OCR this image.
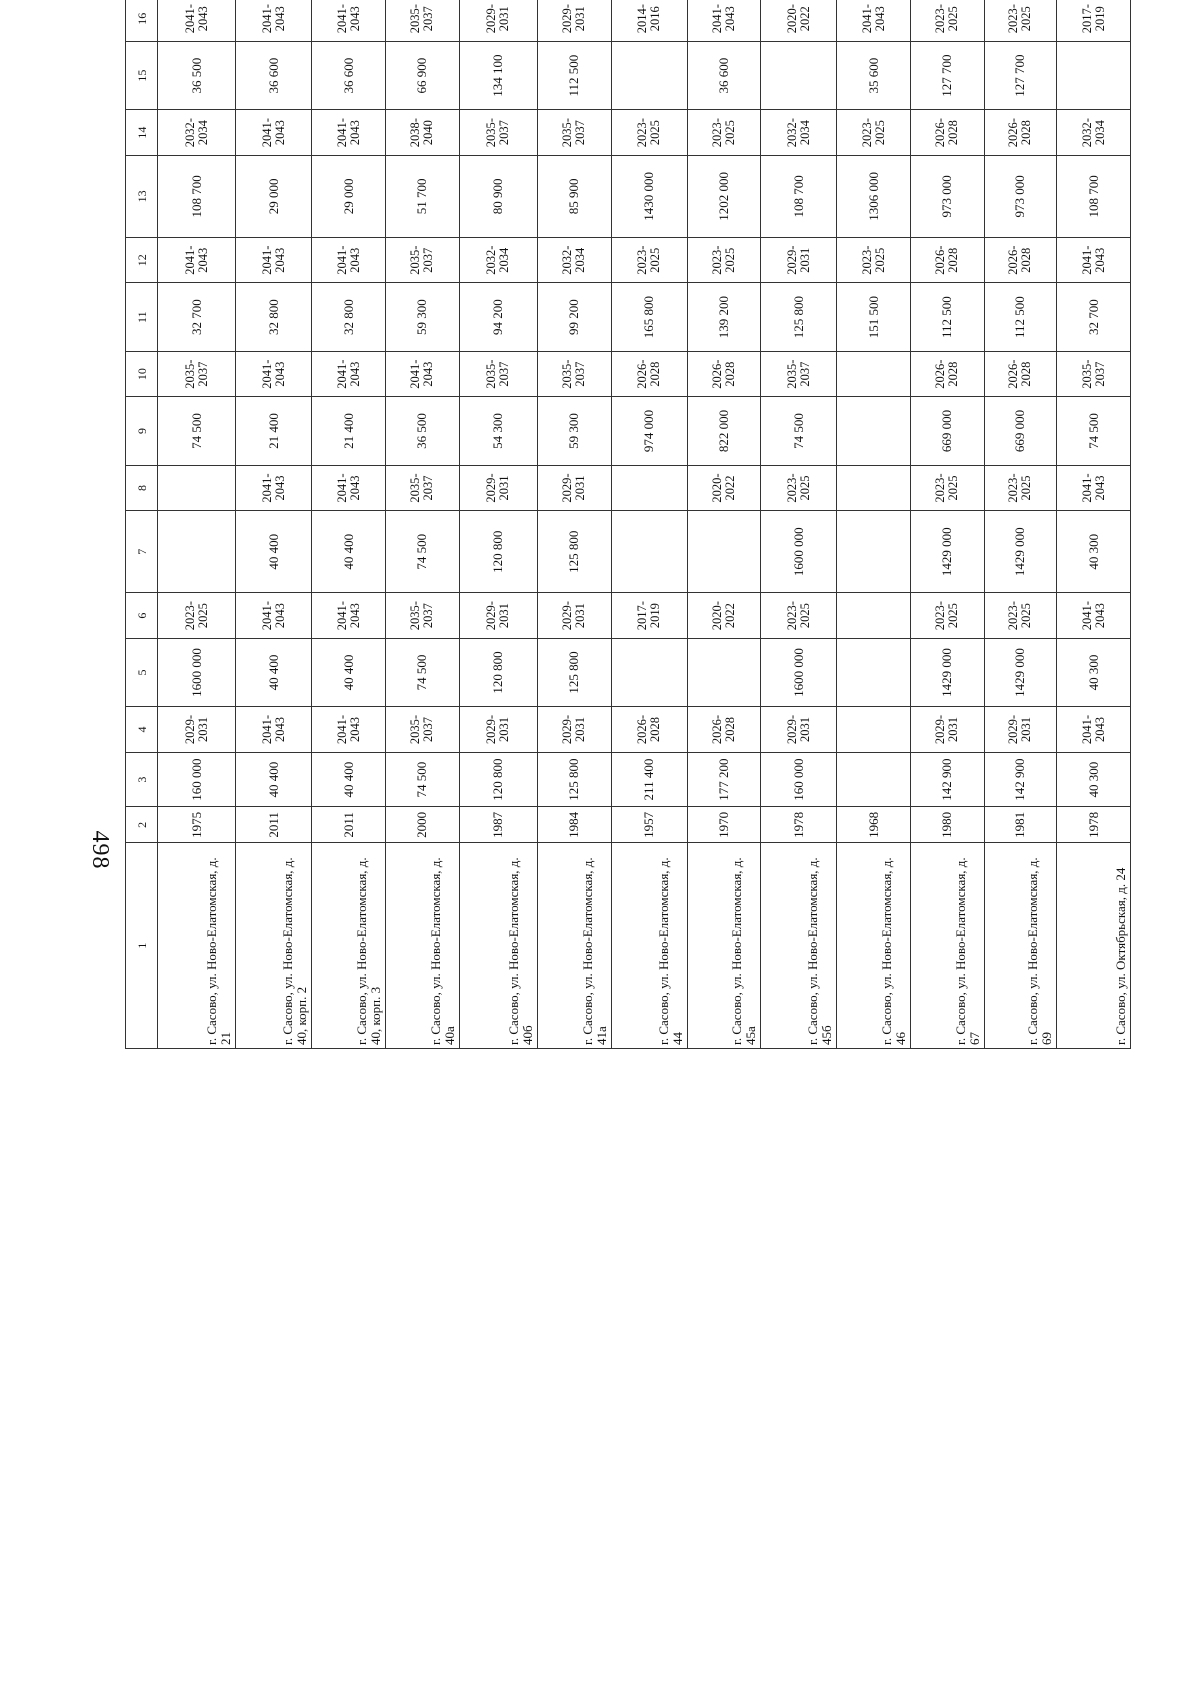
498
1	2	3	4	5	6	7	8	9	10	11	12	13	14	15	16								
г. Сасово, ул. Ново-Елатомская, д. 21	1975	160 000	2029-2031	1600 000	2023-2025			74 500	2035-2037	32 700	2041-2043	108 700	2032-2034	36 500	2041-2043								
г. Сасово, ул. Ново-Елатомская, д. 40, корп. 2	2011	40 400	2041-2043	40 400	2041-2043	40 400	2041-2043	21 400	2041-2043	32 800	2041-2043	29 000	2041-2043	36 600	2041-2043								
г. Сасово, ул. Ново-Елатомская, д. 40, корп. 3	2011	40 400	2041-2043	40 400	2041-2043	40 400	2041-2043	21 400	2041-2043	32 800	2041-2043	29 000	2041-2043	36 600	2041-2043								
г. Сасово, ул. Ново-Елатомская, д. 40а	2000	74 500	2035-2037	74 500	2035-2037	74 500	2035-2037	36 500	2041-2043	59 300	2035-2037	51 700	2038-2040	66 900	2035-2037								
г. Сасово, ул. Ново-Елатомская, д. 40б	1987	120 800	2029-2031	120 800	2029-2031	120 800	2029-2031	54 300	2035-2037	94 200	2032-2034	80 900	2035-2037	134 100	2029-2031								
г. Сасово, ул. Ново-Елатомская, д. 41а	1984	125 800	2029-2031	125 800	2029-2031	125 800	2029-2031	59 300	2035-2037	99 200	2032-2034	85 900	2035-2037	112 500	2029-2031								
г. Сасово, ул. Ново-Елатомская, д. 44	1957	211 400	2026-2028		2017-2019			974 000	2026-2028	165 800	2023-2025	1430 000	2023-2025		2014-2016								
г. Сасово, ул. Ново-Елатомская, д. 45а	1970	177 200	2026-2028		2020-2022		2020-2022	822 000	2026-2028	139 200	2023-2025	1202 000	2023-2025	36 600	2041-2043								
г. Сасово, ул. Ново-Елатомская, д. 45б	1978	160 000	2029-2031	1600 000	2023-2025	1600 000	2023-2025	74 500	2035-2037	125 800	2029-2031	108 700	2032-2034		2020-2022								
г. Сасово, ул. Ново-Елатомская, д. 46	1968									151 500	2023-2025	1306 000	2023-2025	35 600	2041-2043								
г. Сасово, ул. Ново-Елатомская, д. 67	1980	142 900	2029-2031	1429 000	2023-2025	1429 000	2023-2025	669 000	2026-2028	112 500	2026-2028	973 000	2026-2028	127 700	2023-2025								
г. Сасово, ул. Ново-Елатомская, д. 69	1981	142 900	2029-2031	1429 000	2023-2025	1429 000	2023-2025	669 000	2026-2028	112 500	2026-2028	973 000	2026-2028	127 700	2023-2025								
г. Сасово, ул. Октябрьская, д. 24	1978	40 300	2041-2043	40 300	2041-2043	40 300	2041-2043	74 500	2035-2037	32 700	2041-2043	108 700	2032-2034		2017-2019								
